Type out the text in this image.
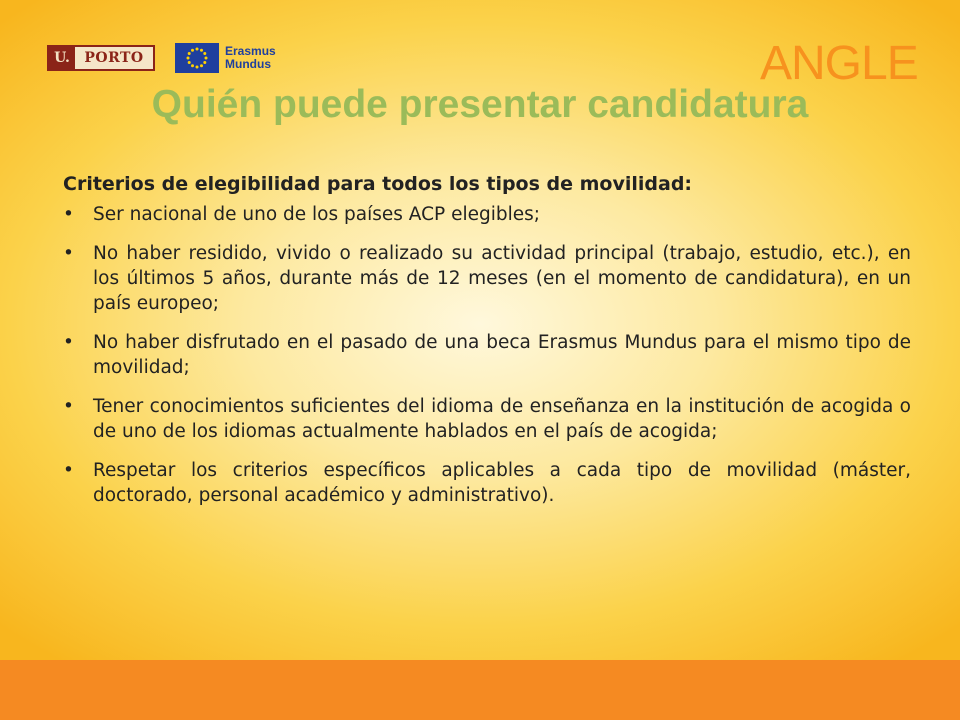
U.	PORTO	Erasmus
Mundus	ANGLE
Quién puede presentar candidatura
Criterios de elegibilidad para todos los tipos de movilidad:
• Ser nacional de uno de los países ACP elegibles;
• No haber residido, vivido o realizado su actividad principal (trabajo, estudio, etc.), en los últimos 5 años, durante más de 12 meses (en el momento de candidatura), en un país europeo;
• No haber disfrutado en el pasado de una beca Erasmus Mundus para el mismo tipo de movilidad;
• Tener conocimientos suficientes del idioma de enseñanza en la institución de acogida o de uno de los idiomas actualmente hablados en el país de acogida;
• Respetar los criterios específicos aplicables a cada tipo de movilidad (máster, doctorado, personal académico y administrativo).
